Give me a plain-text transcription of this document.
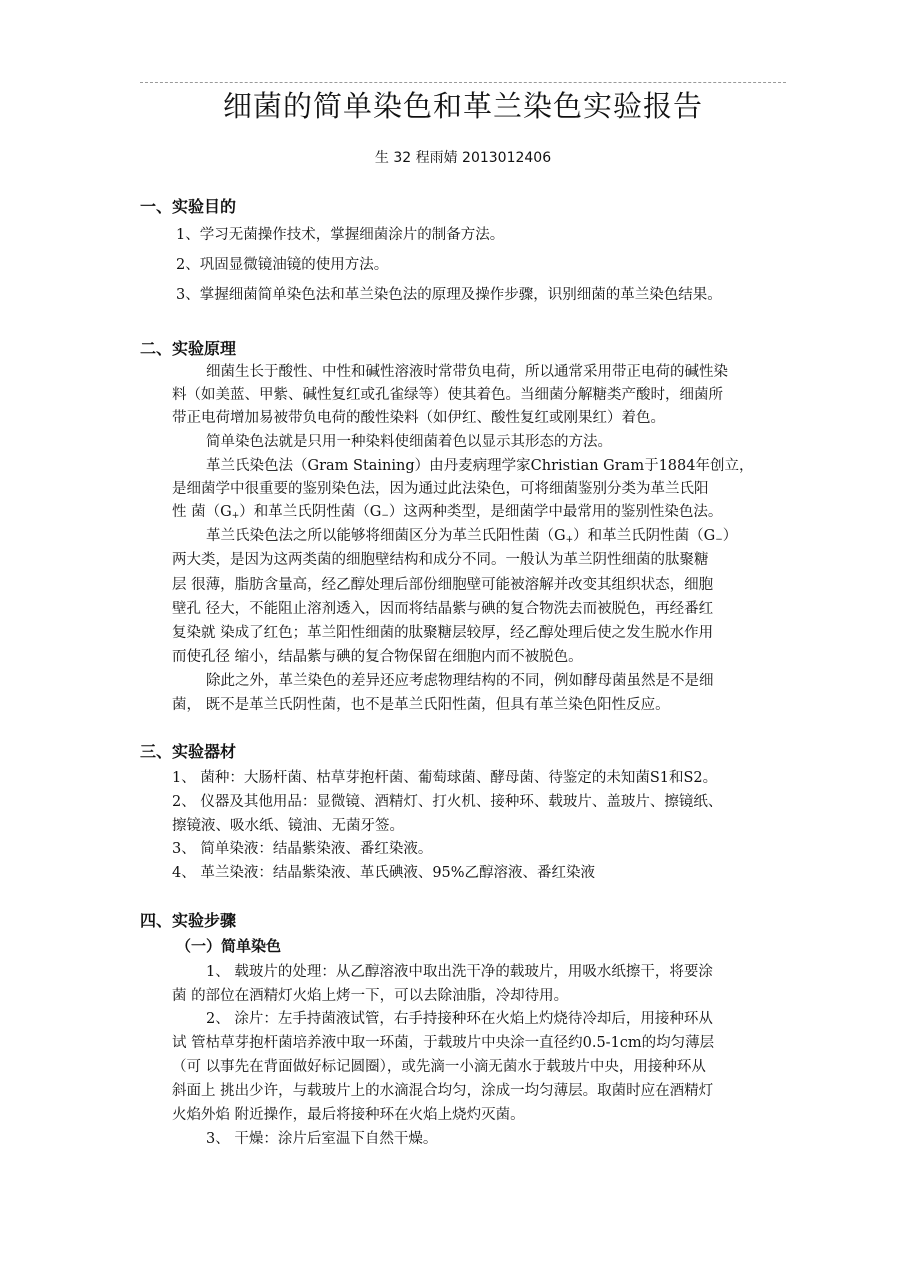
细菌的简单染色和革兰染色实验报告
生 32 程雨婧 2013012406
一、实验目的
1、学习无菌操作技术，掌握细菌涂片的制备方法。
2、巩固显微镜油镜的使用方法。
3、掌握细菌简单染色法和革兰染色法的原理及操作步骤，识别细菌的革兰染色结果。
二、实验原理
细菌生长于酸性、中性和碱性溶液时常带负电荷，所以通常采用带正电荷的碱性染
料（如美蓝、甲紫、碱性复红或孔雀绿等）使其着色。当细菌分解糖类产酸时，细菌所
带正电荷增加易被带负电荷的酸性染料（如伊红、酸性复红或刚果红）着色。
简单染色法就是只用一种染料使细菌着色以显示其形态的方法。
革兰氏染色法（Gram Staining）由丹麦病理学家Christian Gram于1884年创立，
是细菌学中很重要的鉴别染色法，因为通过此法染色，可将细菌鉴别分类为革兰氏阳
性 菌$(G_+)$和革兰氏阴性菌$(G_-)$这两种类型，是细菌学中最常用的鉴别性染色法。
革兰氏染色法之所以能够将细菌区分为革兰氏阳性菌$(G_+)$和革兰氏阴性菌$(G_-)$
两大类，是因为这两类菌的细胞壁结构和成分不同。一般认为革兰阴性细菌的肽聚糖
层 很薄，脂肪含量高，经乙醇处理后部份细胞壁可能被溶解并改变其组织状态，细胞
壁孔 径大，不能阻止溶剂透入，因而将结晶紫与碘的复合物洗去而被脱色，再经番红
复染就 染成了红色；革兰阳性细菌的肽聚糖层较厚，经乙醇处理后使之发生脱水作用
而使孔径 缩小，结晶紫与碘的复合物保留在细胞内而不被脱色。
除此之外，革兰染色的差异还应考虑物理结构的不同，例如酵母菌虽然是不是细
菌， 既不是革兰氏阴性菌，也不是革兰氏阳性菌，但具有革兰染色阳性反应。
三、实验器材
1、 菌种：大肠杆菌、枯草芽抱杆菌、葡萄球菌、酵母菌、待鉴定的未知菌S1和S2。
2、 仪器及其他用品：显微镜、酒精灯、打火机、接种环、载玻片、盖玻片、擦镜纸、
擦镜液、吸水纸、镜油、无菌牙签。
3、 简单染液：结晶紫染液、番红染液。
4、 革兰染液：结晶紫染液、革氏碘液、95%乙醇溶液、番红染液
四、实验步骤
（一）简单染色
1、 载玻片的处理：从乙醇溶液中取出洗干净的载玻片，用吸水纸擦干，将要涂
菌 的部位在酒精灯火焰上烤一下，可以去除油脂，冷却待用。
2、 涂片：左手持菌液试管，右手持接种环在火焰上灼烧待冷却后，用接种环从
试 管枯草芽抱杆菌培养液中取一环菌，于载玻片中央涂一直径约0.5-1cm的均匀薄层
（可 以事先在背面做好标记圆圈），或先滴一小滴无菌水于载玻片中央，用接种环从
斜面上 挑出少许，与载玻片上的水滴混合均匀，涂成一均匀薄层。取菌时应在酒精灯
火焰外焰 附近操作，最后将接种环在火焰上烧灼灭菌。
3、 干燥：涂片后室温下自然干燥。
